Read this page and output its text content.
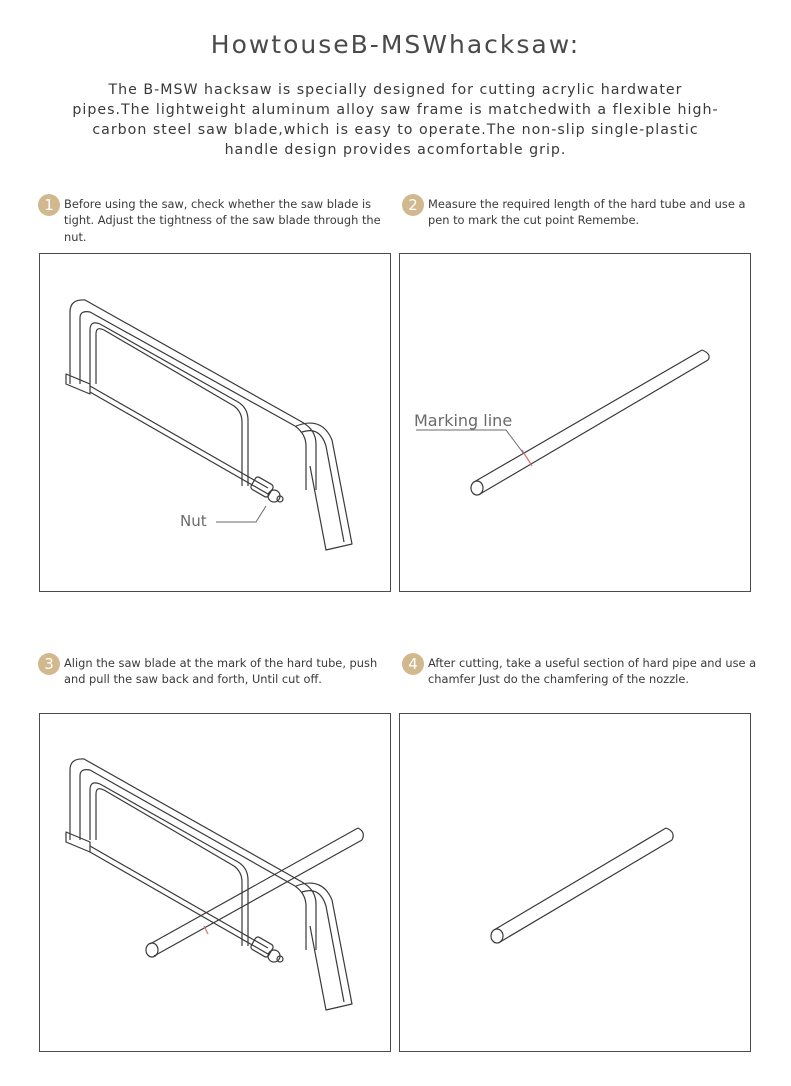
HowtouseB-MSWhacksaw:

The B-MSW hacksaw is specially designed for cutting acrylic hardwater pipes.The lightweight aluminum alloy saw frame is matchedwith a flexible high-carbon steel saw blade,which is easy to operate.The non-slip single-plastic handle design provides acomfortable grip.

1 Before using the saw, check whether the saw blade is tight. Adjust the tightness of the saw blade through the nut.
2 Measure the required length of the hard tube and use a pen to mark the cut point Remembe.
3 Align the saw blade at the mark of the hard tube, push and pull the saw back and forth, Until cut off.
4 After cutting, take a useful section of hard pipe and use a chamfer Just do the chamfering of the nozzle.
Nut
Marking line
